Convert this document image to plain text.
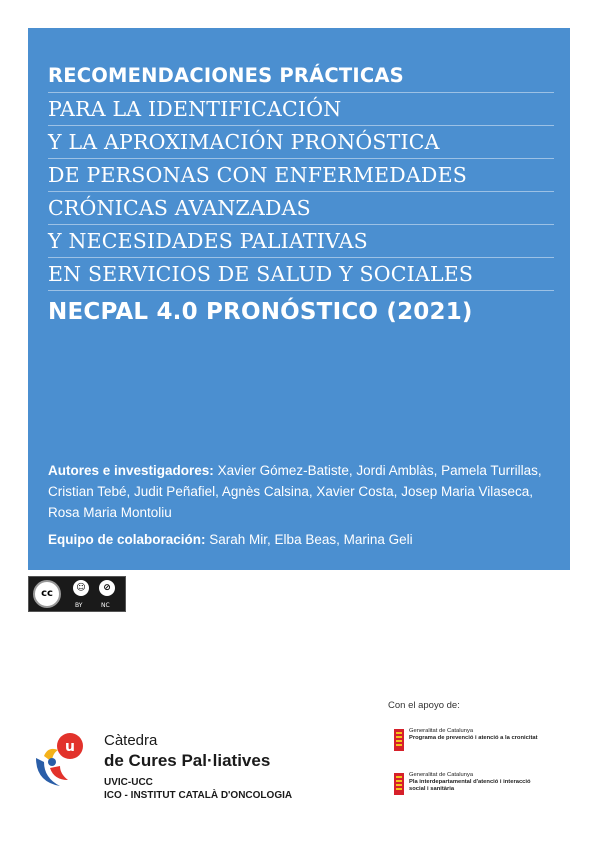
RECOMENDACIONES PRÁCTICAS
PARA LA IDENTIFICACIÓN
Y LA APROXIMACIÓN PRONÓSTICA
DE PERSONAS CON ENFERMEDADES
CRÓNICAS AVANZADAS
Y NECESIDADES PALIATIVAS
EN SERVICIOS DE SALUD Y SOCIALES
NECPAL 4.0 PRONÓSTICO (2021)

Autores e investigadores: Xavier Gómez-Batiste, Jordi Amblàs, Pamela Turrillas, Cristian Tebé, Judit Peñafiel, Agnès Calsina, Xavier Costa, Josep Maria Vilaseca, Rosa Maria Montoliu

Equipo de colaboración: Sarah Mir, Elba Beas, Marina Geli

cc	☺	⊘
BY	NC
Con el apoyo de:
Generalitat de Catalunya
Programa de prevenció i atenció a la cronicitat
Generalitat de Catalunya
Pla interdepartamental d'atenció i interacció social i sanitària
u Càtedra
de Cures Pal·liatives
UVIC-UCC
ICO - INSTITUT CATALÀ D'ONCOLOGIA
